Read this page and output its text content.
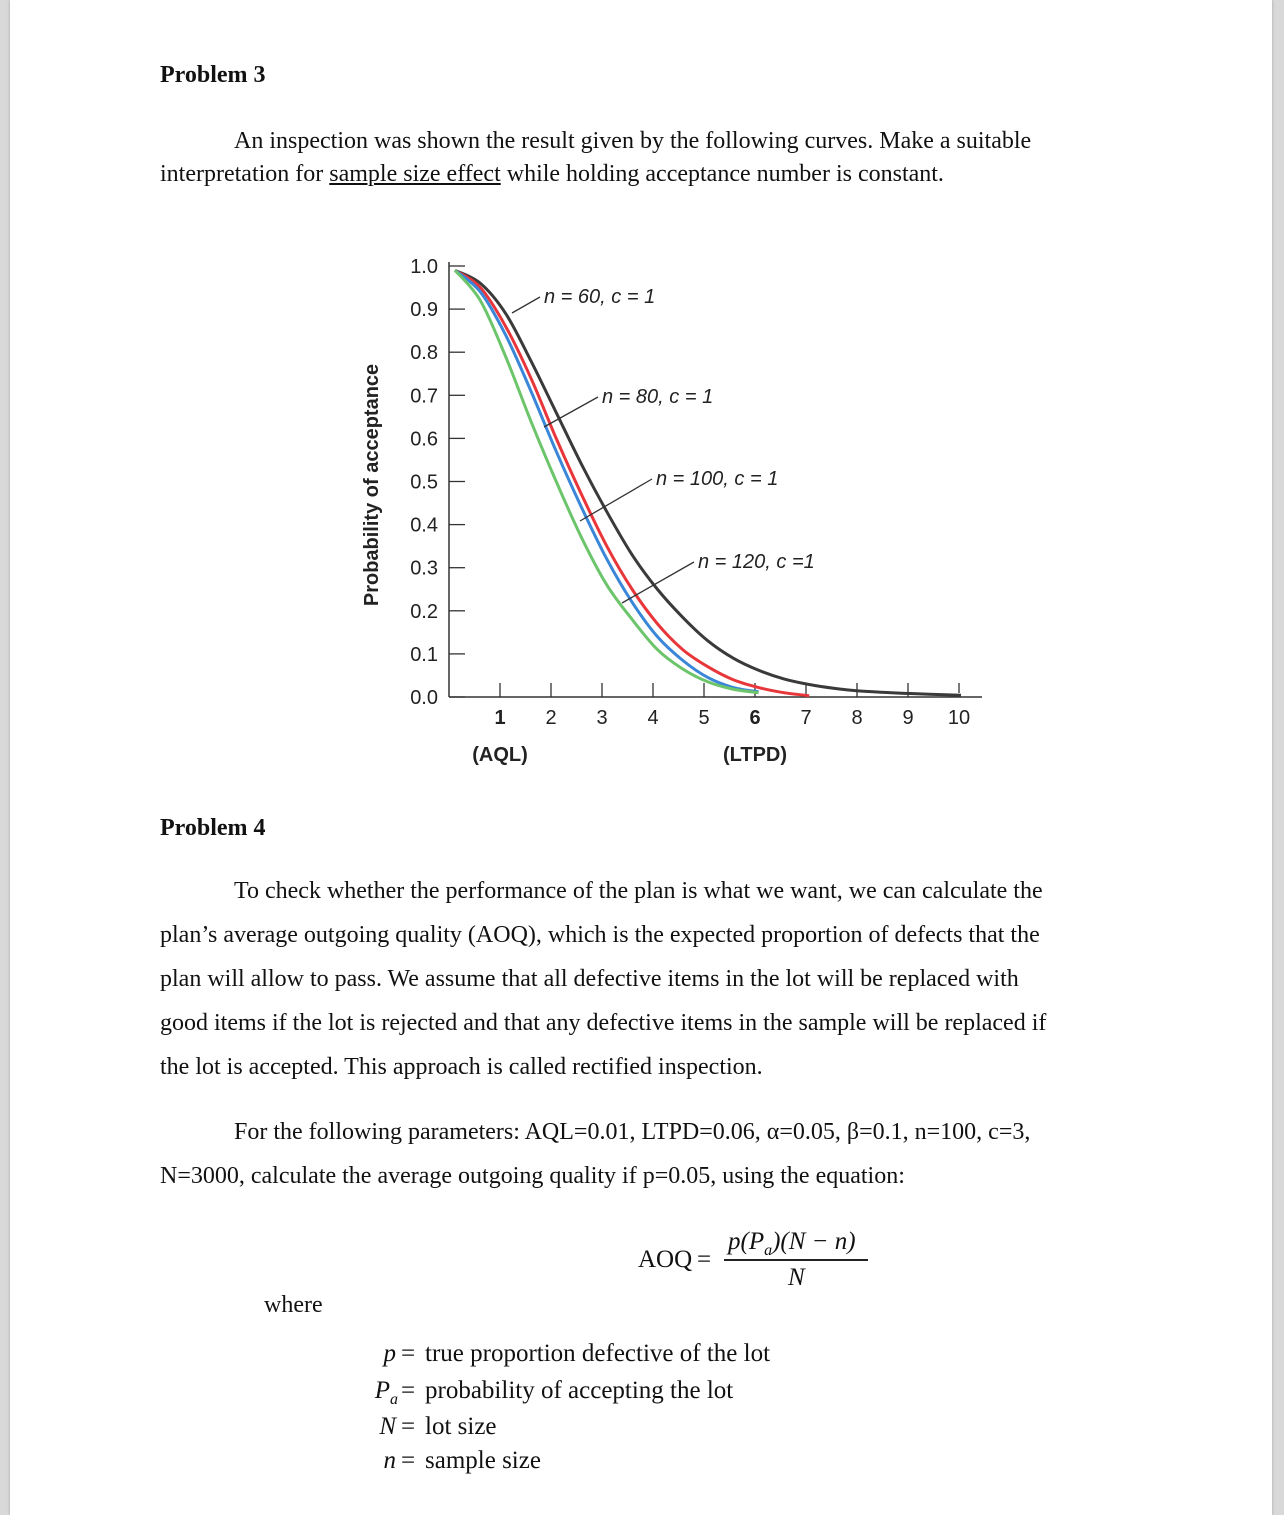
Problem 3
An inspection was shown the result given by the following curves. Make a suitable
interpretation for sample size effect while holding acceptance number is constant.
1.0
0.9
0.8
0.7
0.6
0.5
0.4
0.3
0.2
0.1
0.0
Probability of acceptance
1 2 3 4 5 6 7 8 9 10
(AQL)	(LTPD)
n = 60, c = 1
n = 80, c = 1
n = 100, c = 1
n = 120, c =1
Problem 4
To check whether the performance of the plan is what we want, we can calculate the
plan’s average outgoing quality (AOQ), which is the expected proportion of defects that the
plan will allow to pass. We assume that all defective items in the lot will be replaced with
good items if the lot is rejected and that any defective items in the sample will be replaced if
the lot is accepted. This approach is called rectified inspection.
For the following parameters: AQL=0.01, LTPD=0.06, α=0.05, β=0.1, n=100, c=3,
N=3000, calculate the average outgoing quality if p=0.05, using the equation:
AOQ =
$p(P_a)(N - n)$
N
where
p = true proportion defective of the lot
$P_a$ = probability of accepting the lot
N = lot size
n = sample size
